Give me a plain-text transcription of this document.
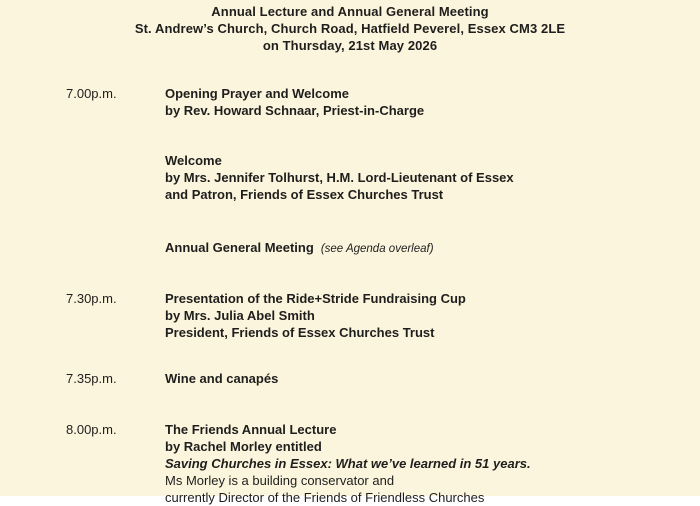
Annual Lecture and Annual General Meeting
St. Andrew’s Church, Church Road, Hatfield Peverel, Essex CM3 2LE
on Thursday, 21st May 2026
7.00p.m.	Opening Prayer and Welcome
by Rev. Howard Schnaar, Priest-in-Charge
Welcome
by Mrs. Jennifer Tolhurst, H.M. Lord-Lieutenant of Essex
and Patron, Friends of Essex Churches Trust
Annual General Meeting (see Agenda overleaf)
7.30p.m.	Presentation of the Ride+Stride Fundraising Cup
by Mrs. Julia Abel Smith
President, Friends of Essex Churches Trust
7.35p.m.	Wine and canapés
8.00p.m.	The Friends Annual Lecture
by Rachel Morley entitled
Saving Churches in Essex: What we’ve learned in 51 years.
Ms Morley is a building conservator and
currently Director of the Friends of Friendless Churches
